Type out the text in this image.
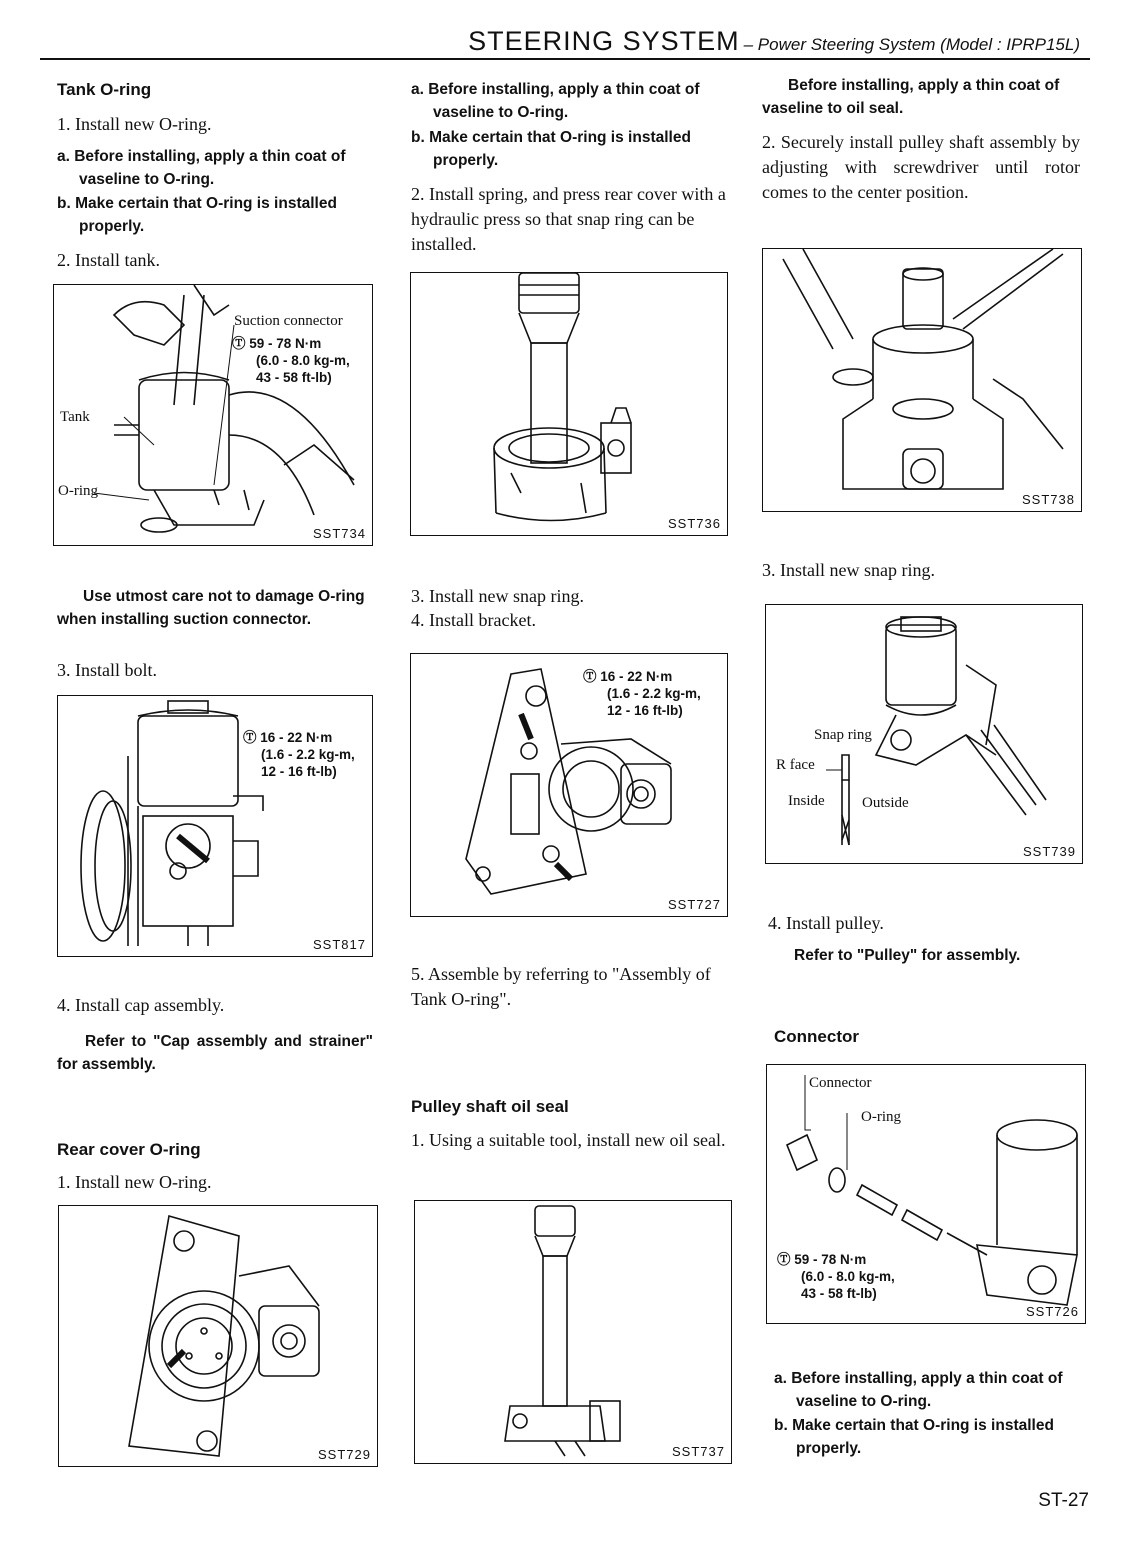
STEERING SYSTEM – Power Steering System (Model : IPRP15L)
Tank O-ring
1. Install new O-ring.
a. Before installing, apply a thin coat of vaseline to O-ring.
b. Make certain that O-ring is installed properly.
2. Install tank.
Suction connector
Ⓣ 59 - 78 N·m
(6.0 - 8.0 kg-m,
43 - 58 ft-lb)
Tank
O-ring
SST734
Use utmost care not to damage O-ring when installing suction connector.
3. Install bolt.
Ⓣ 16 - 22 N·m
(1.6 - 2.2 kg-m,
12 - 16 ft-lb)
SST817
4. Install cap assembly.
Refer to "Cap assembly and strainer" for assembly.
Rear cover O-ring
1. Install new O-ring.
SST729
a. Before installing, apply a thin coat of vaseline to O-ring.
b. Make certain that O-ring is installed properly.
2. Install spring, and press rear cover with a hydraulic press so that snap ring can be installed.
SST736
3. Install new snap ring.
4. Install bracket.
Ⓣ 16 - 22 N·m
(1.6 - 2.2 kg-m,
12 - 16 ft-lb)
SST727
5. Assemble by referring to "Assembly of Tank O-ring".
Pulley shaft oil seal
1. Using a suitable tool, install new oil seal.
SST737
Before installing, apply a thin coat of vaseline to oil seal.
2. Securely install pulley shaft assembly by adjusting with screwdriver until rotor comes to the center position.
SST738
3. Install new snap ring.
Snap ring
R face
Inside Outside
SST739
4. Install pulley.
Refer to "Pulley" for assembly.
Connector
Connector
O-ring
Ⓣ 59 - 78 N·m
(6.0 - 8.0 kg-m,
43 - 58 ft-lb)
SST726
a. Before installing, apply a thin coat of vaseline to O-ring.
b. Make certain that O-ring is installed properly.
ST-27
